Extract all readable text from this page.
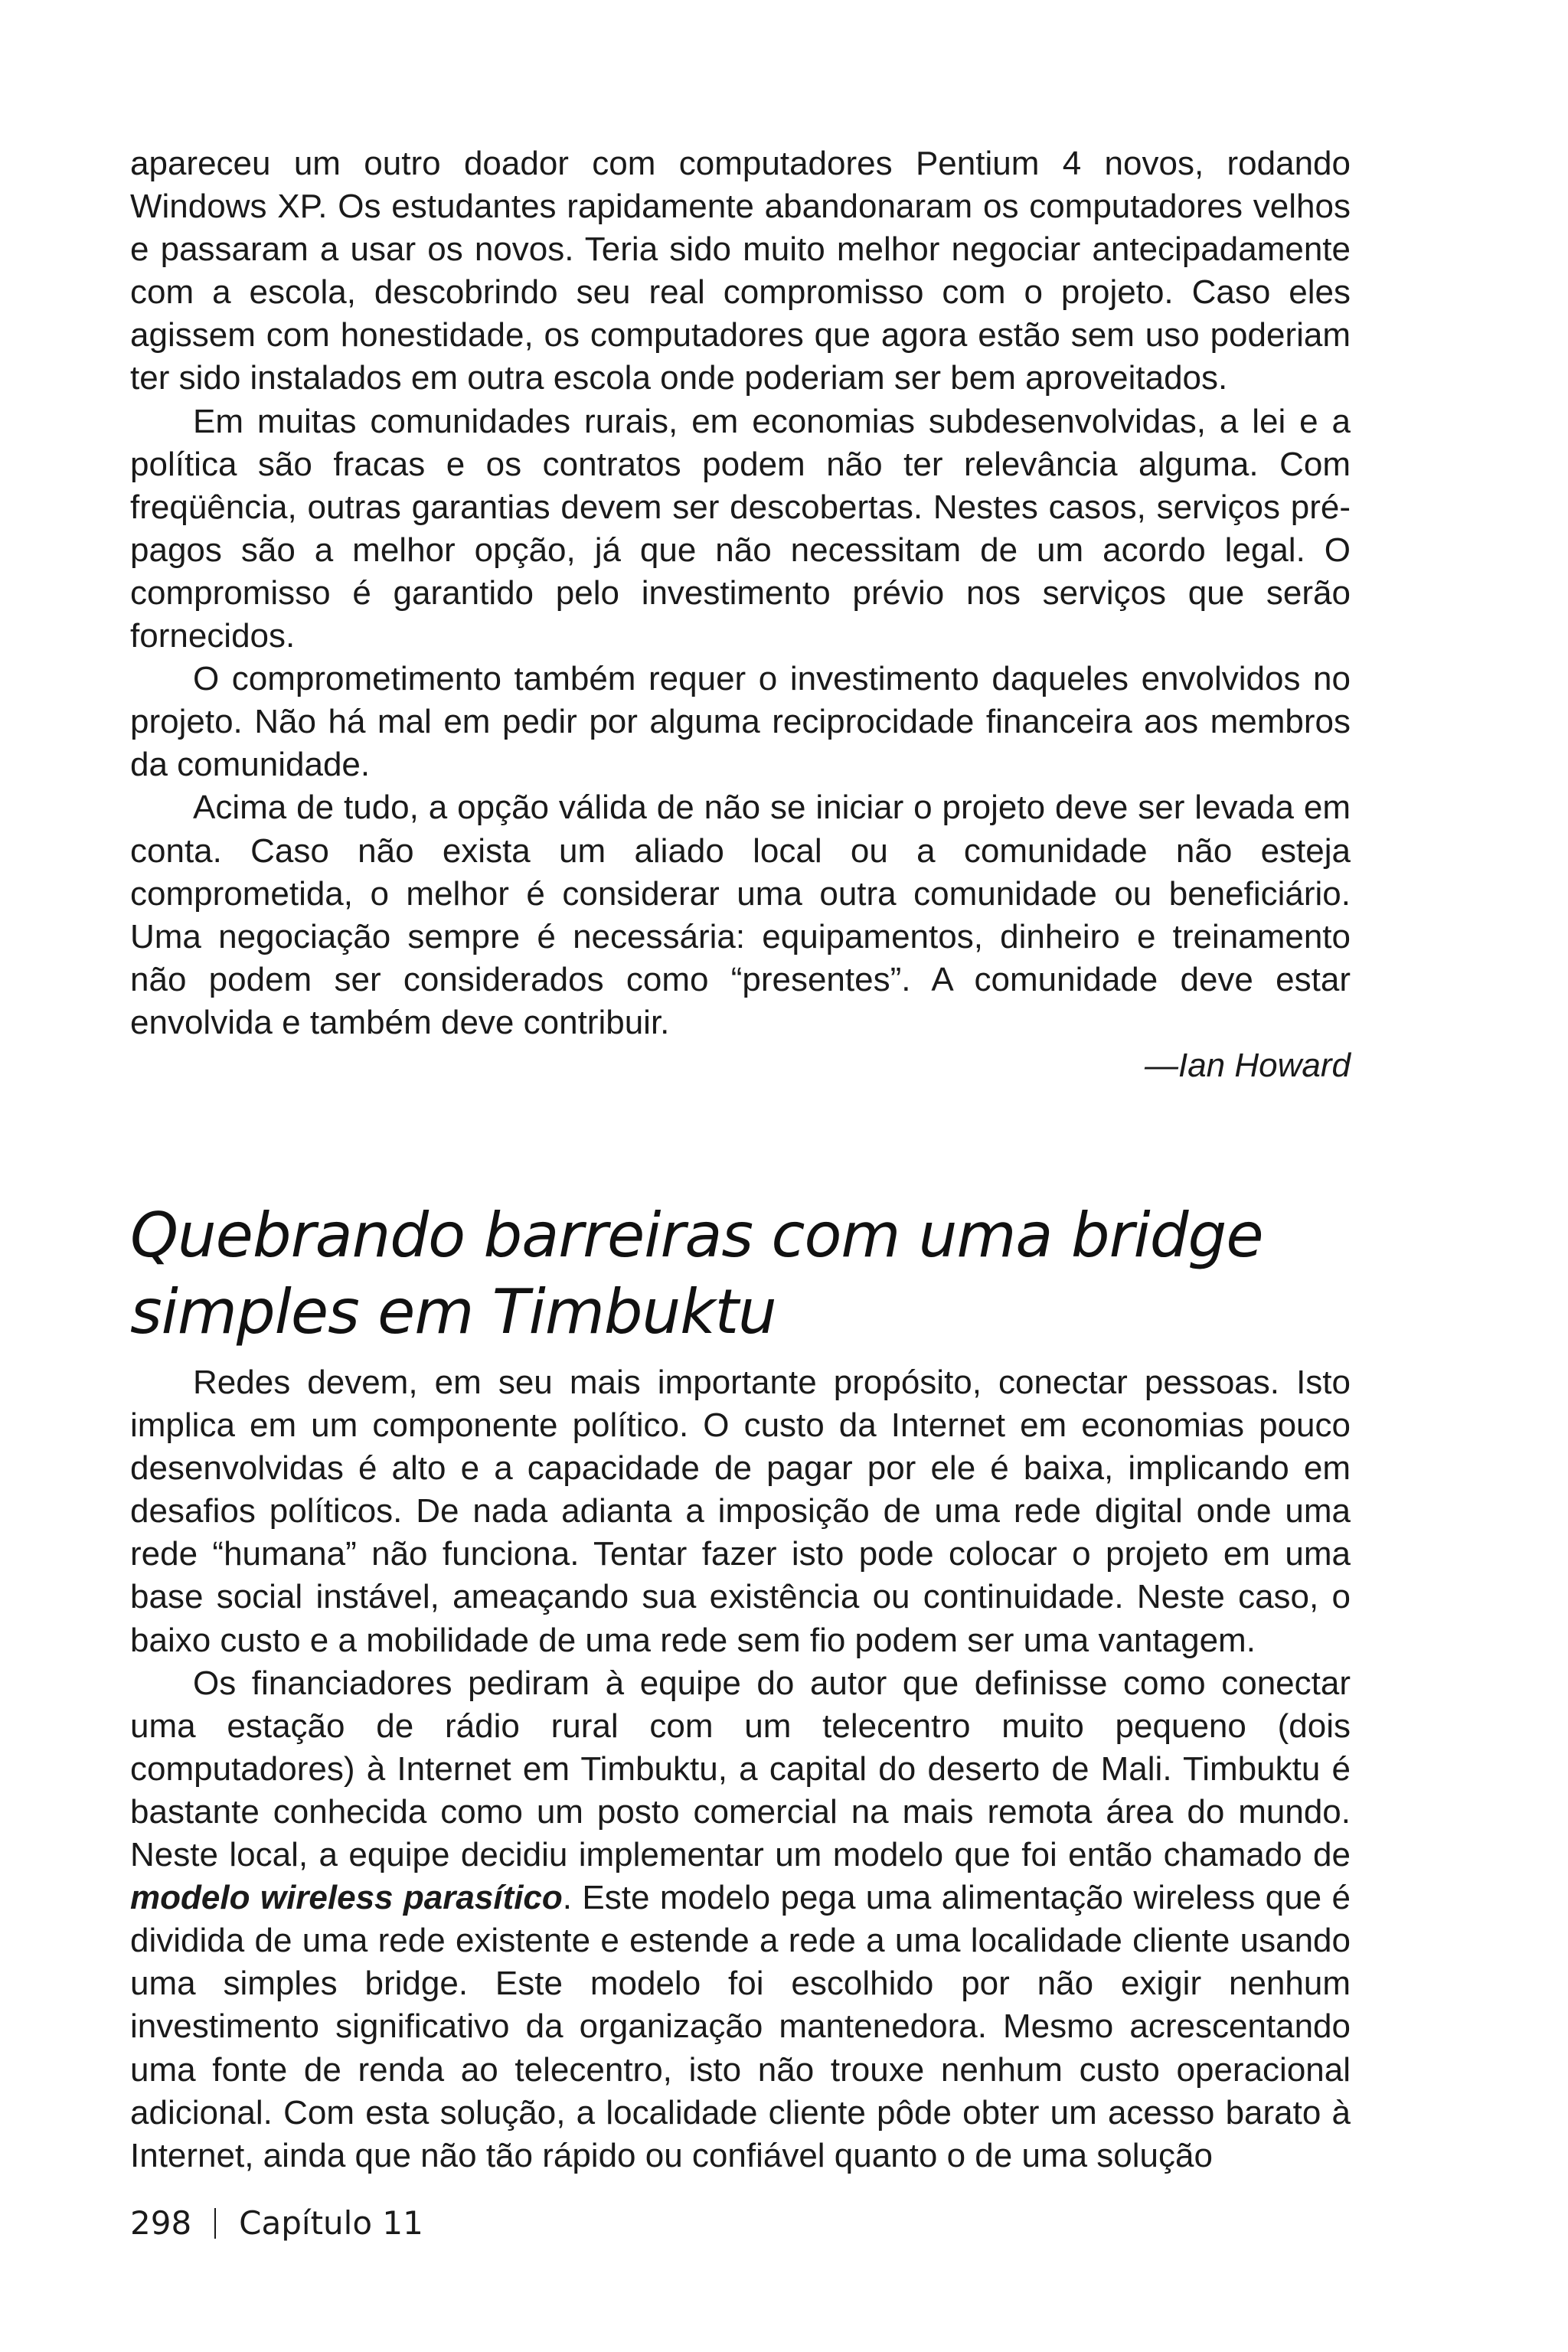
apareceu um outro doador com computadores Pentium 4 novos, rodando Windows XP. Os estudantes rapidamente abandonaram os computadores velhos e passaram a usar os novos. Teria sido muito melhor negociar antecipadamente com a escola, descobrindo seu real compromisso com o projeto. Caso eles agissem com honestidade, os computadores que agora estão sem uso poderiam ter sido instalados em outra escola onde poderiam ser bem aproveitados.

Em muitas comunidades rurais, em economias subdesenvolvidas, a lei e a política são fracas e os contratos podem não ter relevância alguma. Com freqüência, outras garantias devem ser descobertas. Nestes casos, serviços pré-pagos são a melhor opção, já que não necessitam de um acordo legal. O compromisso é garantido pelo investimento prévio nos serviços que serão fornecidos.

O comprometimento também requer o investimento daqueles envolvidos no projeto. Não há mal em pedir por alguma reciprocidade financeira aos membros da comunidade.

Acima de tudo, a opção válida de não se iniciar o projeto deve ser levada em conta. Caso não exista um aliado local ou a comunidade não esteja comprometida, o melhor é considerar uma outra comunidade ou beneficiário. Uma negociação sempre é necessária: equipamentos, dinheiro e treinamento não podem ser considerados como “presentes”. A comunidade deve estar envolvida e também deve contribuir.

—Ian Howard

Quebrando barreiras com uma bridge
simples em Timbuktu

Redes devem, em seu mais importante propósito, conectar pessoas. Isto implica em um componente político. O custo da Internet em economias pouco desenvolvidas é alto e a capacidade de pagar por ele é baixa, implicando em desafios políticos. De nada adianta a imposição de uma rede digital onde uma rede “humana” não funciona. Tentar fazer isto pode colocar o projeto em uma base social instável, ameaçando sua existência ou continuidade. Neste caso, o baixo custo e a mobilidade de uma rede sem fio podem ser uma vantagem.

Os financiadores pediram à equipe do autor que definisse como conectar uma estação de rádio rural com um telecentro muito pequeno (dois computadores) à Internet em Timbuktu, a capital do deserto de Mali. Timbuktu é bastante conhecida como um posto comercial na mais remota área do mundo. Neste local, a equipe decidiu implementar um modelo que foi então chamado de modelo wireless parasítico. Este modelo pega uma alimentação wireless que é dividida de uma rede existente e estende a rede a uma localidade cliente usando uma simples bridge. Este modelo foi escolhido por não exigir nenhum investimento significativo da organização mantenedora. Mesmo acrescentando uma fonte de renda ao telecentro, isto não trouxe nenhum custo operacional adicional. Com esta solução, a localidade cliente pôde obter um acesso barato à Internet, ainda que não tão rápido ou confiável quanto o de uma solução

298 Capítulo 11
